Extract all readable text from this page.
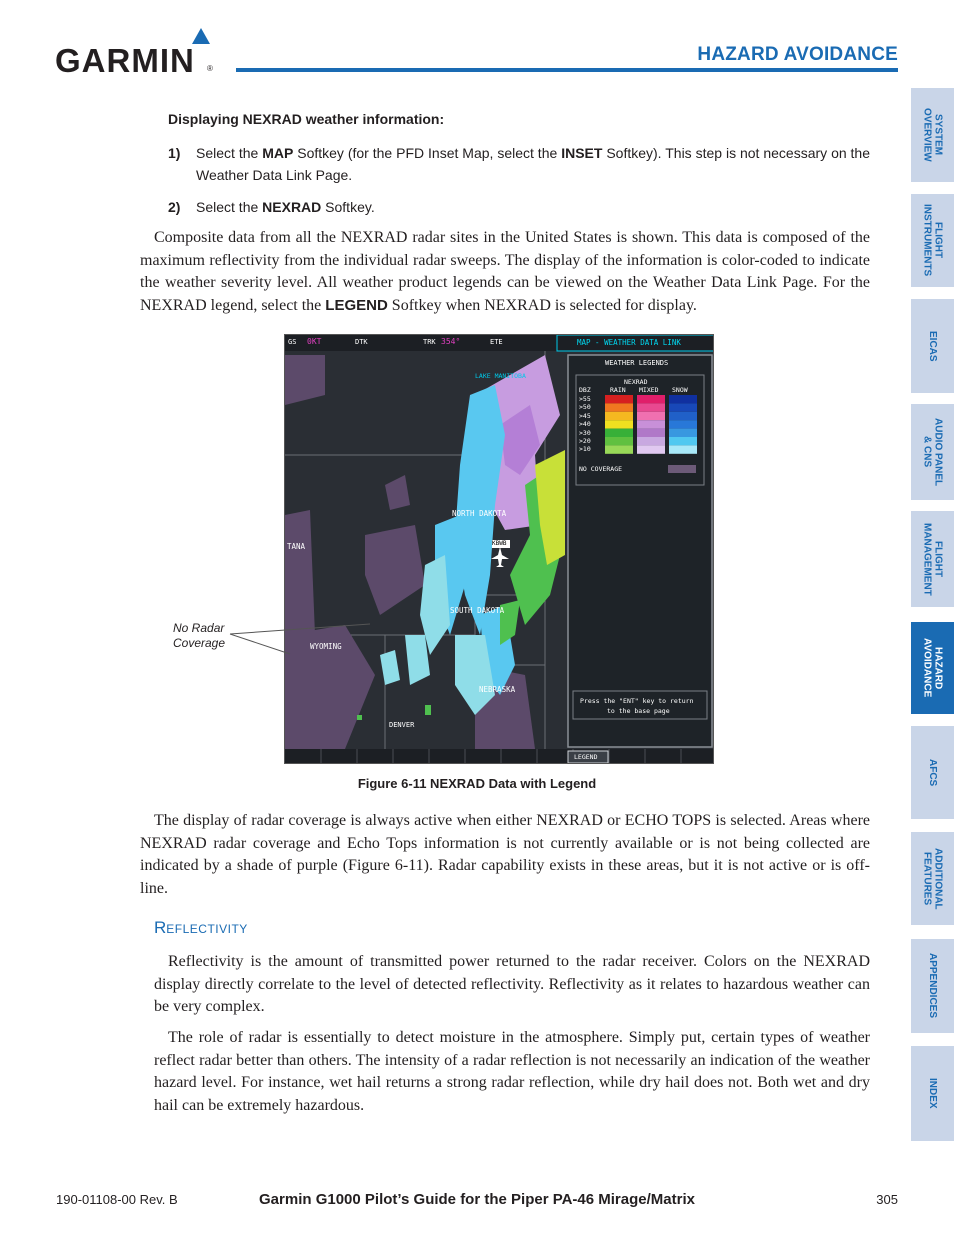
GARMIN ®
HAZARD AVOIDANCE
SYSTEM
OVERVIEW
FLIGHT
INSTRUMENTS
EICAS
AUDIO PANEL
& CNS
FLIGHT
MANAGEMENT
HAZARD
AVOIDANCE
AFCS
ADDITIONAL
FEATURES
APPENDICES
INDEX
Displaying NEXRAD weather information:
1) Select the MAP Softkey (for the PFD Inset Map, select the INSET Softkey). This step is not necessary on the Weather Data Link Page.
2) Select the NEXRAD Softkey.
Composite data from all the NEXRAD radar sites in the United States is shown. This data is composed of the maximum reflectivity from the individual radar sweeps. The display of the information is color-coded to indicate the weather severity level. All weather product legends can be viewed on the Weather Data Link Page. For the NEXRAD legend, select the LEGEND Softkey when NEXRAD is selected for display.
GS 0KT	DTK	TRK 354°	ETE	MAP - WEATHER DATA LINK
WEATHER LEGENDS
NEXRAD
DBZ	RAIN MIXED SNOW
>55
>50
>45
>40
>30
>20
>10
NO COVERAGE
Press the "ENT" key to return
to the base page
LEGEND
LAKE MANITOBA
NORTH DAKOTA
KBWB
TANA
SOUTH DAKOTA
WYOMING
NEBRASKA
DENVER
No Radar
Coverage
Figure 6-11 NEXRAD Data with Legend
The display of radar coverage is always active when either NEXRAD or ECHO TOPS is selected. Areas where NEXRAD radar coverage and Echo Tops information is not currently available or is not being collected are indicated by a shade of purple (Figure 6-11). Radar capability exists in these areas, but it is not active or is off-line.
REFLECTIVITY
Reflectivity is the amount of transmitted power returned to the radar receiver. Colors on the NEXRAD display directly correlate to the level of detected reflectivity. Reflectivity as it relates to hazardous weather can be very complex.
The role of radar is essentially to detect moisture in the atmosphere. Simply put, certain types of weather reflect radar better than others. The intensity of a radar reflection is not necessarily an indication of the weather hazard level. For instance, wet hail returns a strong radar reflection, while dry hail does not. Both wet and dry hail can be extremely hazardous.
190-01108-00 Rev. B	Garmin G1000 Pilot’s Guide for the Piper PA-46 Mirage/Matrix	305
